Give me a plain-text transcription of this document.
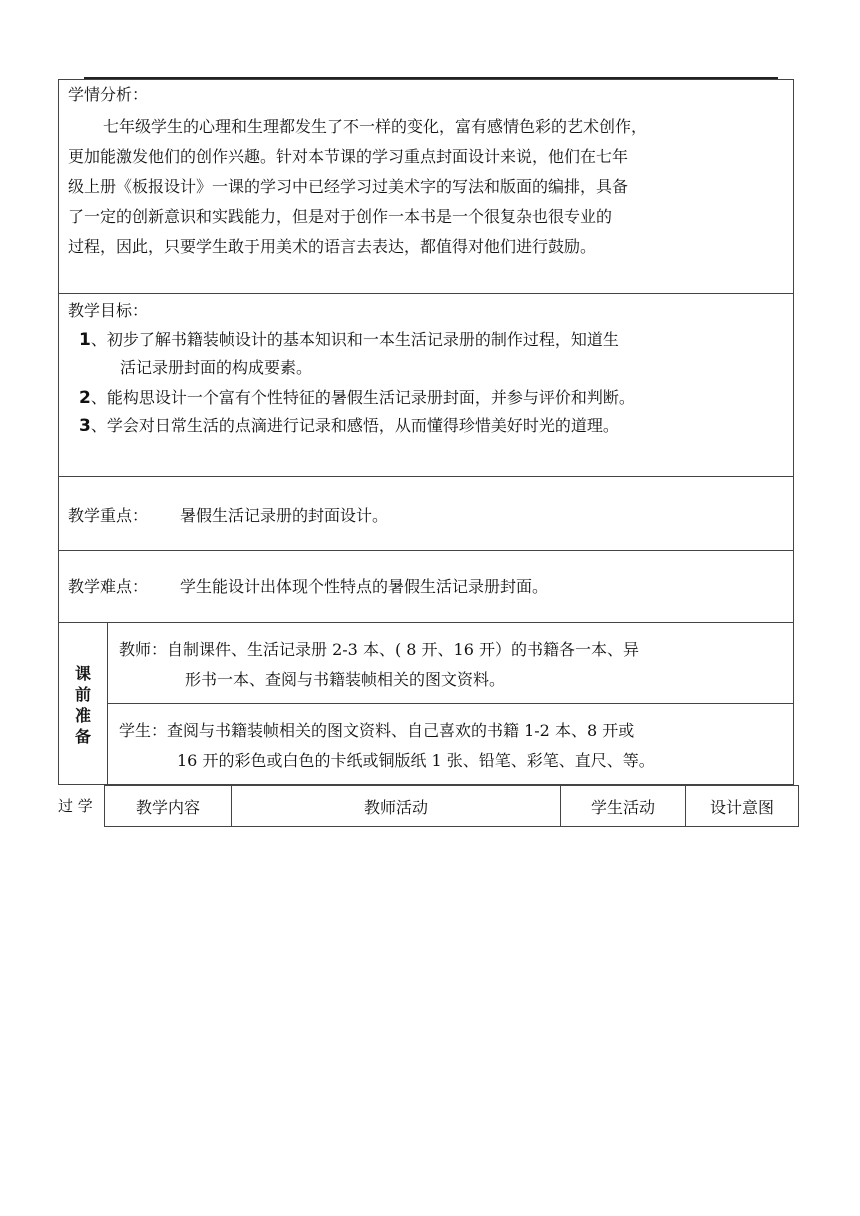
学情分析：
七年级学生的心理和生理都发生了不一样的变化，富有感情色彩的艺术创作，
更加能激发他们的创作兴趣。针对本节课的学习重点封面设计来说，他们在七年
级上册《板报设计》一课的学习中已经学习过美术字的写法和版面的编排，具备
了一定的创新意识和实践能力，但是对于创作一本书是一个很复杂也很专业的
过程，因此，只要学生敢于用美术的语言去表达，都值得对他们进行鼓励。
教学目标：
1、初步了解书籍装帧设计的基本知识和一本生活记录册的制作过程，知道生
活记录册封面的构成要素。
2、能构思设计一个富有个性特征的暑假生活记录册封面，并参与评价和判断。
3、学会对日常生活的点滴进行记录和感悟，从而懂得珍惜美好时光的道理。
教学重点： 暑假生活记录册的封面设计。
教学难点： 学生能设计出体现个性特点的暑假生活记录册封面。
课
前
准
备
教师：自制课件、生活记录册 2-3 本、( 8 开、16 开）的书籍各一本、异
形书一本、查阅与书籍装帧相关的图文资料。
学生：查阅与书籍装帧相关的图文资料、自己喜欢的书籍 1-2 本、8 开或
16 开的彩色或白色的卡纸或铜版纸 1 张、铅笔、彩笔、直尺、等。
过 学	教学内容	教师活动	学生活动	设计意图
